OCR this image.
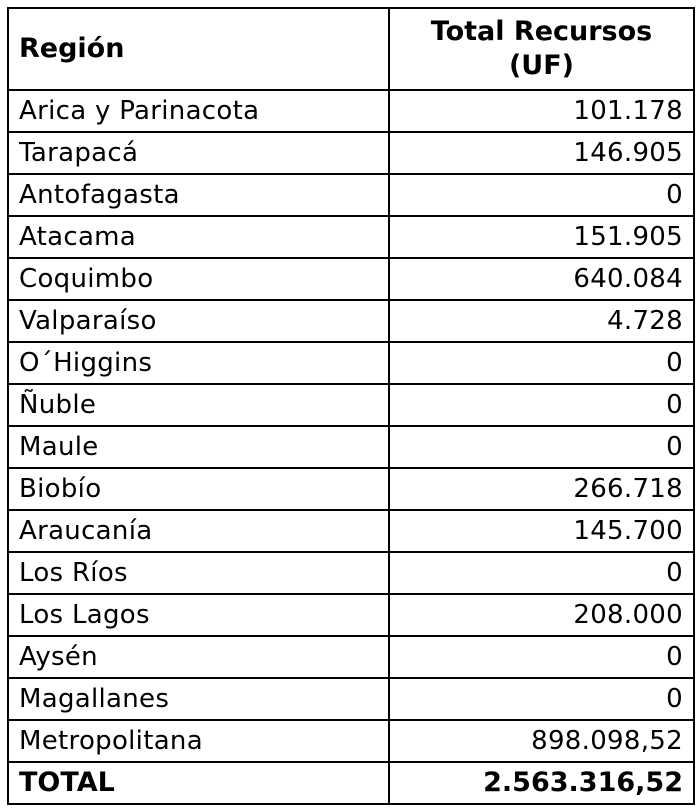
Región	Total Recursos
(UF)
Arica y Parinacota	101.178
Tarapacá	146.905
Antofagasta	0
Atacama	151.905
Coquimbo	640.084
Valparaíso	4.728
O´Higgins	0
Ñuble	0
Maule	0
Biobío	266.718
Araucanía	145.700
Los Ríos	0
Los Lagos	208.000
Aysén	0
Magallanes	0
Metropolitana	898.098,52
TOTAL	2.563.316,52
